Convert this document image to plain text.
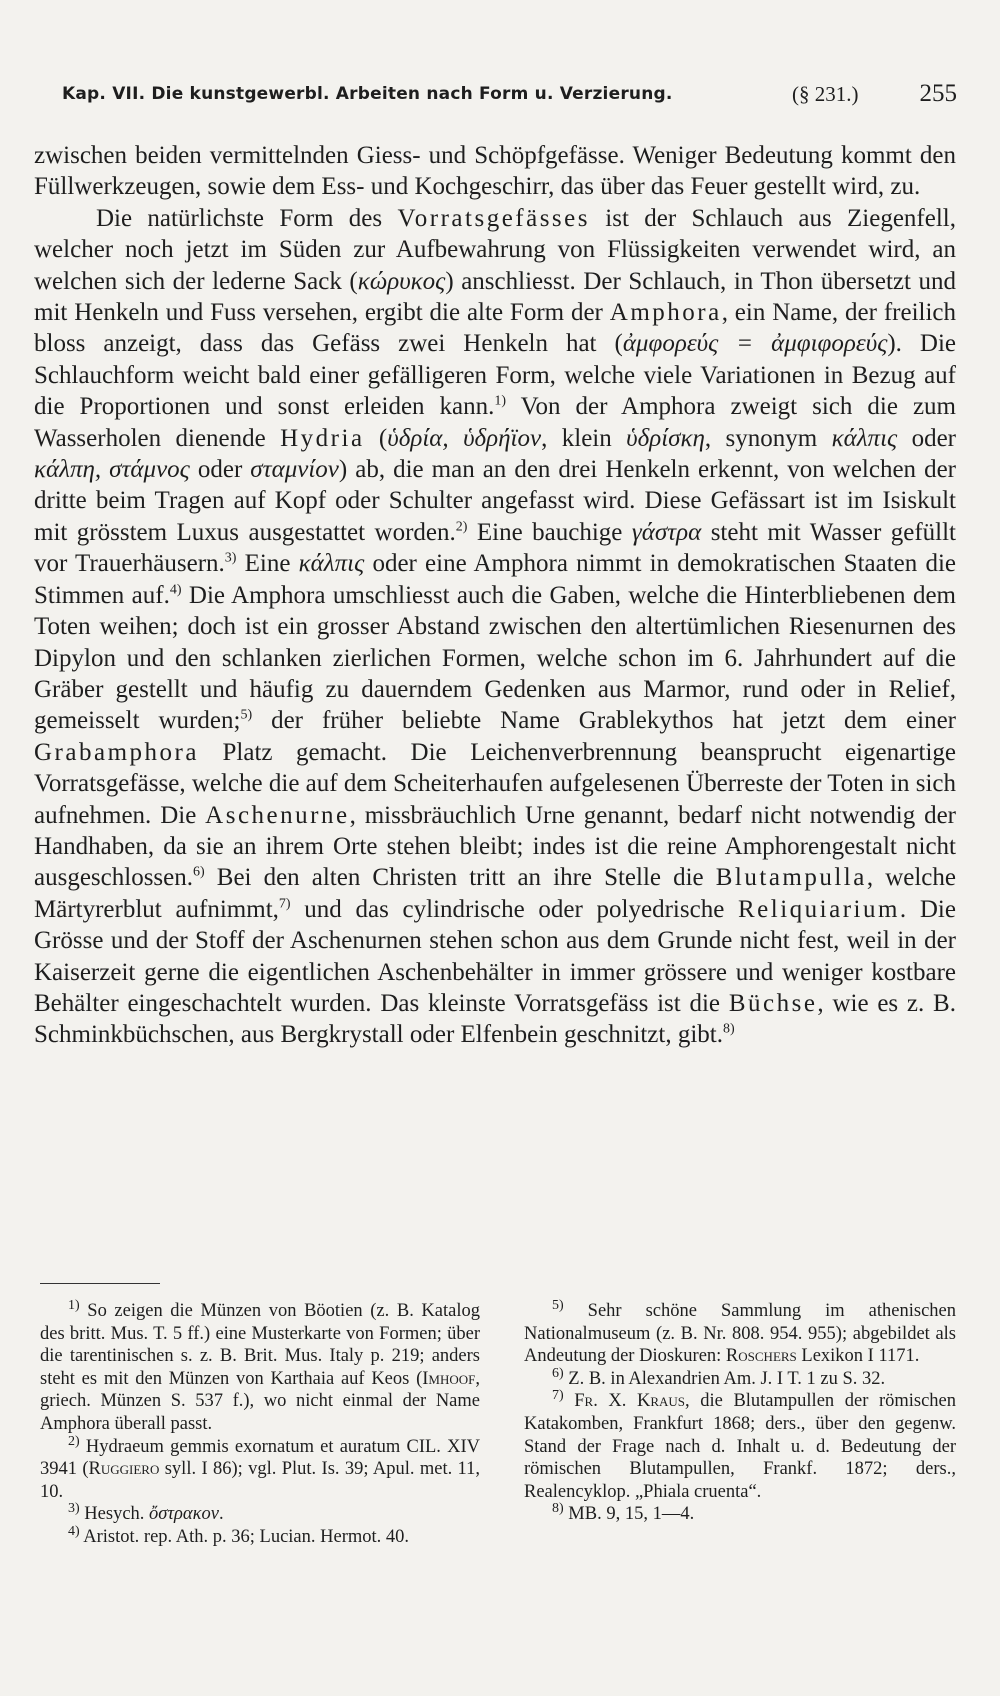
Kap. VII. Die kunstgewerbl. Arbeiten nach Form u. Verzierung.	(§ 231.) 255

zwischen beiden vermittelnden Giess- und Schöpfgefässe. Weniger Bedeutung kommt den Füllwerkzeugen, sowie dem Ess- und Kochgeschirr, das über das Feuer gestellt wird, zu.

Die natürlichste Form des Vorratsgefässes ist der Schlauch aus Ziegenfell, welcher noch jetzt im Süden zur Aufbewahrung von Flüssigkeiten verwendet wird, an welchen sich der lederne Sack (κώρυκος) anschliesst. Der Schlauch, in Thon übersetzt und mit Henkeln und Fuss versehen, ergibt die alte Form der Amphora, ein Name, der freilich bloss anzeigt, dass das Gefäss zwei Henkeln hat (ἀμφορεύς = ἀμφιφορεύς). Die Schlauchform weicht bald einer gefälligeren Form, welche viele Variationen in Bezug auf die Proportionen und sonst erleiden kann.$^{1)}$ Von der Amphora zweigt sich die zum Wasserholen dienende Hydria (ὑδρία, ὑδρήϊον, klein ὑδρίσκη, synonym κάλπις oder κάλπη, στάμνος oder σταμνίον) ab, die man an den drei Henkeln erkennt, von welchen der dritte beim Tragen auf Kopf oder Schulter angefasst wird. Diese Gefässart ist im Isiskult mit grösstem Luxus ausgestattet worden.$^{2)}$ Eine bauchige γάστρα steht mit Wasser gefüllt vor Trauerhäusern.$^{3)}$ Eine κάλπις oder eine Amphora nimmt in demokratischen Staaten die Stimmen auf.$^{4)}$ Die Amphora umschliesst auch die Gaben, welche die Hinterbliebenen dem Toten weihen; doch ist ein grosser Abstand zwischen den altertümlichen Riesenurnen des Dipylon und den schlanken zierlichen Formen, welche schon im 6. Jahrhundert auf die Gräber gestellt und häufig zu dauerndem Gedenken aus Marmor, rund oder in Relief, gemeisselt wurden;$^{5)}$ der früher beliebte Name Grablekythos hat jetzt dem einer Grabamphora Platz gemacht. Die Leichenverbrennung beansprucht eigenartige Vorratsgefässe, welche die auf dem Scheiterhaufen aufgelesenen Überreste der Toten in sich aufnehmen. Die Aschenurne, missbräuchlich Urne genannt, bedarf nicht notwendig der Handhaben, da sie an ihrem Orte stehen bleibt; indes ist die reine Amphorengestalt nicht ausgeschlossen.$^{6)}$ Bei den alten Christen tritt an ihre Stelle die Blutampulla, welche Märtyrerblut aufnimmt,$^{7)}$ und das cylindrische oder polyedrische Reliquiarium. Die Grösse und der Stoff der Aschenurnen stehen schon aus dem Grunde nicht fest, weil in der Kaiserzeit gerne die eigentlichen Aschenbehälter in immer grössere und weniger kostbare Behälter eingeschachtelt wurden. Das kleinste Vorratsgefäss ist die Büchse, wie es z. B. Schminkbüchschen, aus Bergkrystall oder Elfenbein geschnitzt, gibt.$^{8)}$

$^{1)}$ So zeigen die Münzen von Böotien (z. B. Katalog des britt. Mus. T. 5 ff.) eine Musterkarte von Formen; über die tarentinischen s. z. B. Brit. Mus. Italy p. 219; anders steht es mit den Münzen von Karthaia auf Keos (Imhoof, griech. Münzen S. 537 f.), wo nicht einmal der Name Amphora überall passt.

$^{2)}$ Hydraeum gemmis exornatum et auratum CIL. XIV 3941 (Ruggiero syll. I 86); vgl. Plut. Is. 39; Apul. met. 11, 10.

$^{3)}$ Hesych. ὄστρακον.

$^{4)}$ Aristot. rep. Ath. p. 36; Lucian. Hermot. 40.

$^{5)}$ Sehr schöne Sammlung im athenischen Nationalmuseum (z. B. Nr. 808. 954. 955); abgebildet als Andeutung der Dioskuren: Roschers Lexikon I 1171.

$^{6)}$ Z. B. in Alexandrien Am. J. I T. 1 zu S. 32.

$^{7)}$ Fr. X. Kraus, die Blutampullen der römischen Katakomben, Frankfurt 1868; ders., über den gegenw. Stand der Frage nach d. Inhalt u. d. Bedeutung der römischen Blutampullen, Frankf. 1872; ders., Realencyklop. „Phiala cruenta“.

$^{8)}$ MB. 9, 15, 1—4.
